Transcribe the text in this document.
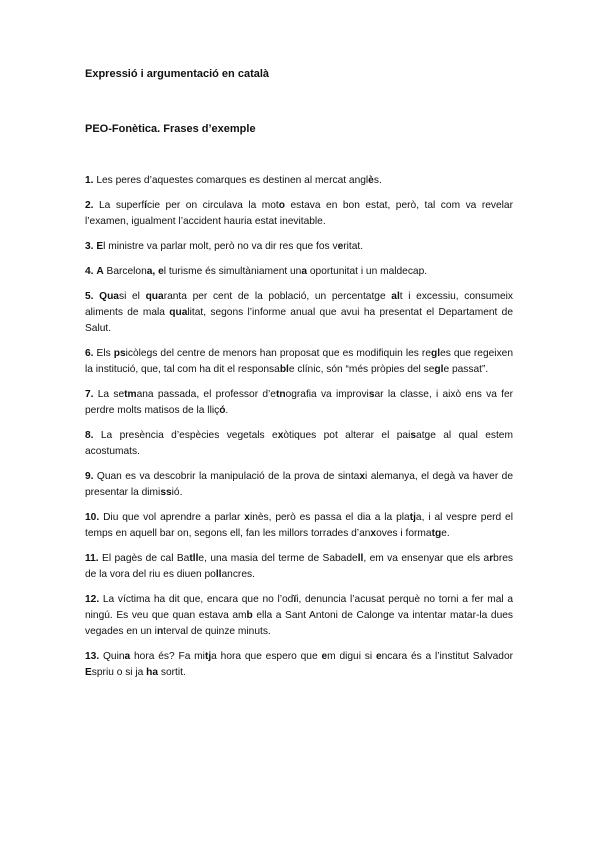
Expressió i argumentació en català

PEO-Fonètica. Frases d’exemple

1. Les peres d’aquestes comarques es destinen al mercat anglès.
2. La superfície per on circulava la moto estava en bon estat, però, tal com va revelar l’examen, igualment l’accident hauria estat inevitable.
3. El ministre va parlar molt, però no va dir res que fos veritat.
4. A Barcelona, el turisme és simultàniament una oportunitat i un maldecap.
5. Quasi el quaranta per cent de la població, un percentatge alt i excessiu, consumeix aliments de mala qualitat, segons l’informe anual que avui ha presentat el Departament de Salut.
6. Els psicòlegs del centre de menors han proposat que es modifiquin les regles que regeixen la institució, que, tal com ha dit el responsable clínic, són “més pròpies del segle passat”.
7. La setmana passada, el professor d’etnografia va improvisar la classe, i això ens va fer perdre molts matisos de la lliçó.
8. La presència d’espècies vegetals exòtiques pot alterar el paisatge al qual estem acostumats.
9. Quan es va descobrir la manipulació de la prova de sintaxi alemanya, el degà va haver de presentar la dimissió.
10. Diu que vol aprendre a parlar xinès, però es passa el dia a la platja, i al vespre perd el temps en aquell bar on, segons ell, fan les millors torrades d’anxoves i formatge.
11. El pagès de cal Batlle, una masia del terme de Sabadell, em va ensenyar que els arbres de la vora del riu es diuen pollancres.
12. La víctima ha dit que, encara que no l’odïi, denuncia l’acusat perquè no torni a fer mal a ningú. Es veu que quan estava amb ella a Sant Antoni de Calonge va intentar matar-la dues vegades en un interval de quinze minuts.
13. Quina hora és? Fa mitja hora que espero que em digui si encara és a l’institut Salvador Espriu o si ja ha sortit.
